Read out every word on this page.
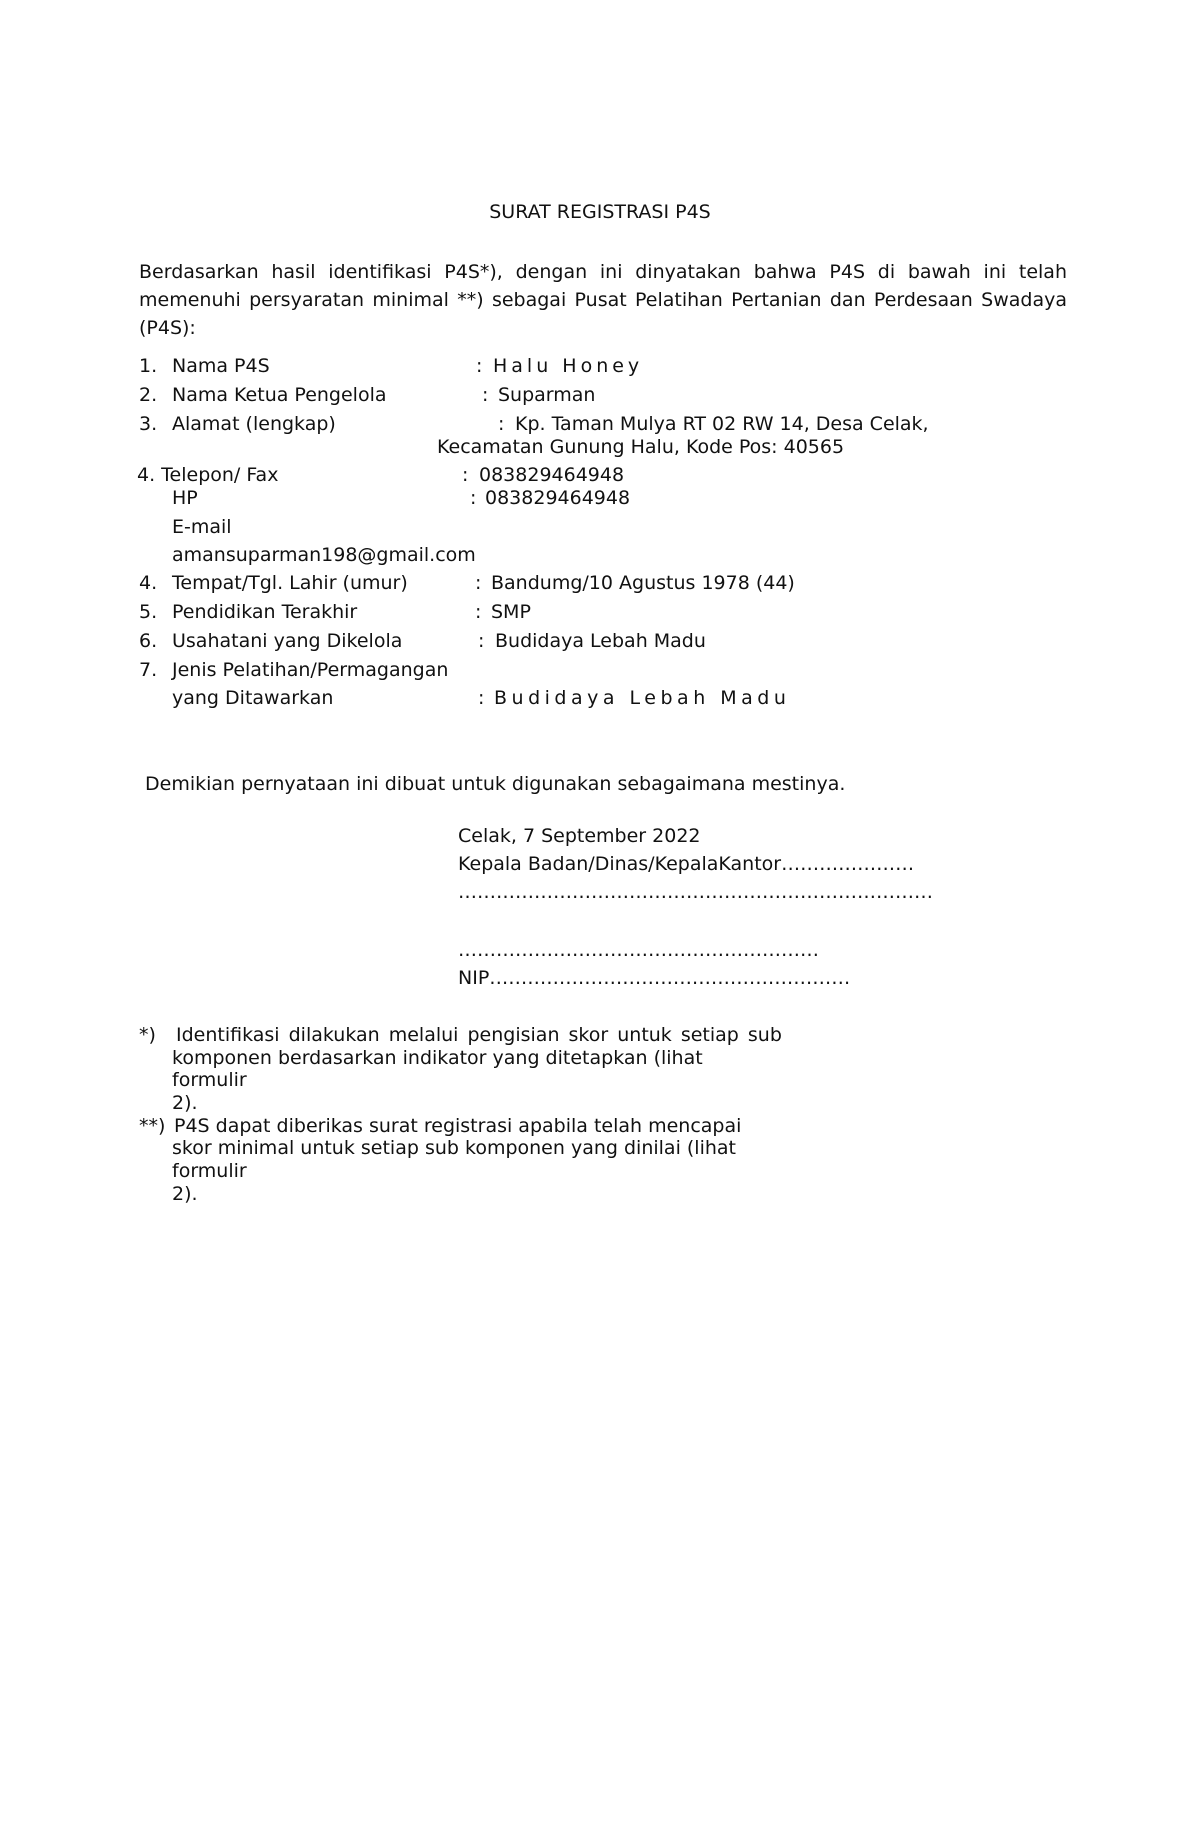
SURAT REGISTRASI P4S
Berdasarkan hasil identifikasi P4S*), dengan ini dinyatakan bahwa P4S di bawah ini telah memenuhi persyaratan minimal **) sebagai Pusat Pelatihan Pertanian dan Perdesaan Swadaya (P4S):
1. Nama P4S	: Halu Honey
2. Nama Ketua Pengelola	: Suparman
3. Alamat (lengkap)	: Kp. Taman Mulya RT 02 RW 14, Desa Celak,
Kecamatan Gunung Halu, Kode Pos: 40565
4. Telepon/ Fax	: 083829464948
HP	: 083829464948
E-mail
amansuparman198@gmail.com
4. Tempat/Tgl. Lahir (umur)	: Bandumg/10 Agustus 1978 (44)
5. Pendidikan Terakhir	: SMP
6. Usahatani yang Dikelola	: Budidaya Lebah Madu
7. Jenis Pelatihan/Permagangan
yang Ditawarkan	: Budidaya Lebah Madu
Demikian pernyataan ini dibuat untuk digunakan sebagaimana mestinya.
Celak, 7 September 2022
Kepala Badan/Dinas/KepalaKantor…………………
…………………………………………………………………
…………………………………………………
NIP…………………………………………………
*) Identifikasi dilakukan melalui pengisian skor untuk setiap sub
komponen berdasarkan indikator yang ditetapkan (lihat
formulir
2).
**) P4S dapat diberikas surat registrasi apabila telah mencapai
skor minimal untuk setiap sub komponen yang dinilai (lihat
formulir
2).
